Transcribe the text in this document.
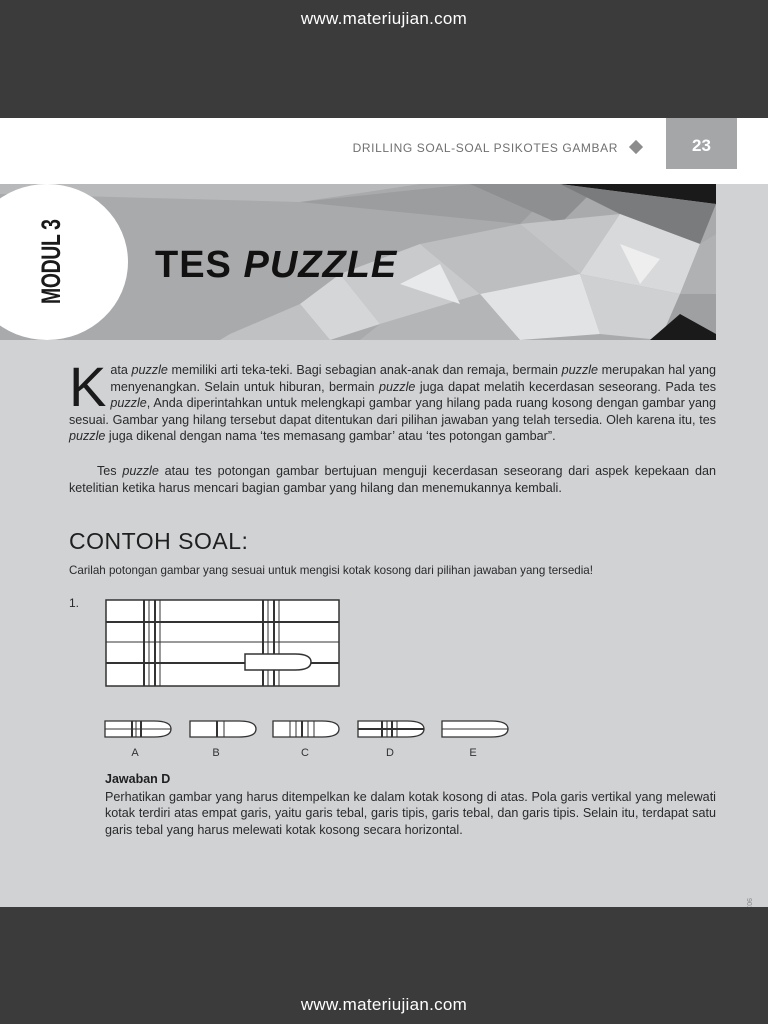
www.materiujian.com
DRILLING SOAL-SOAL PSIKOTES GAMBAR	23
MODUL 3 TES PUZZLE
Kata puzzle memiliki arti teka-teki. Bagi sebagian anak-anak dan remaja, bermain puzzle merupakan hal yang menyenangkan. Selain untuk hiburan, bermain puzzle juga dapat melatih kecerdasan seseorang. Pada tes puzzle, Anda diperintahkan untuk melengkapi gambar yang hilang pada ruang kosong dengan gambar yang sesuai. Gambar yang hilang tersebut dapat ditentukan dari pilihan jawaban yang telah tersedia. Oleh karena itu, tes puzzle juga dikenal dengan nama ‘tes memasang gambar’ atau ‘tes potongan gambar”.
Tes puzzle atau tes potongan gambar bertujuan menguji kecerdasan seseorang dari aspek kepekaan dan ketelitian ketika harus mencari bagian gambar yang hilang dan menemukannya kembali.
CONTOH SOAL:
Carilah potongan gambar yang sesuai untuk mengisi kotak kosong dari pilihan jawaban yang tersedia!
1.
A	B	C	D	E
Jawaban D
Perhatikan gambar yang harus ditempelkan ke dalam kotak kosong di atas. Pola garis vertikal yang melewati kotak terdiri atas empat garis, yaitu garis tebal, garis tipis, garis tebal, dan garis tipis. Selain itu, terdapat satu garis tebal yang harus melewati kotak kosong secara horizontal.
www.materiujian.com
